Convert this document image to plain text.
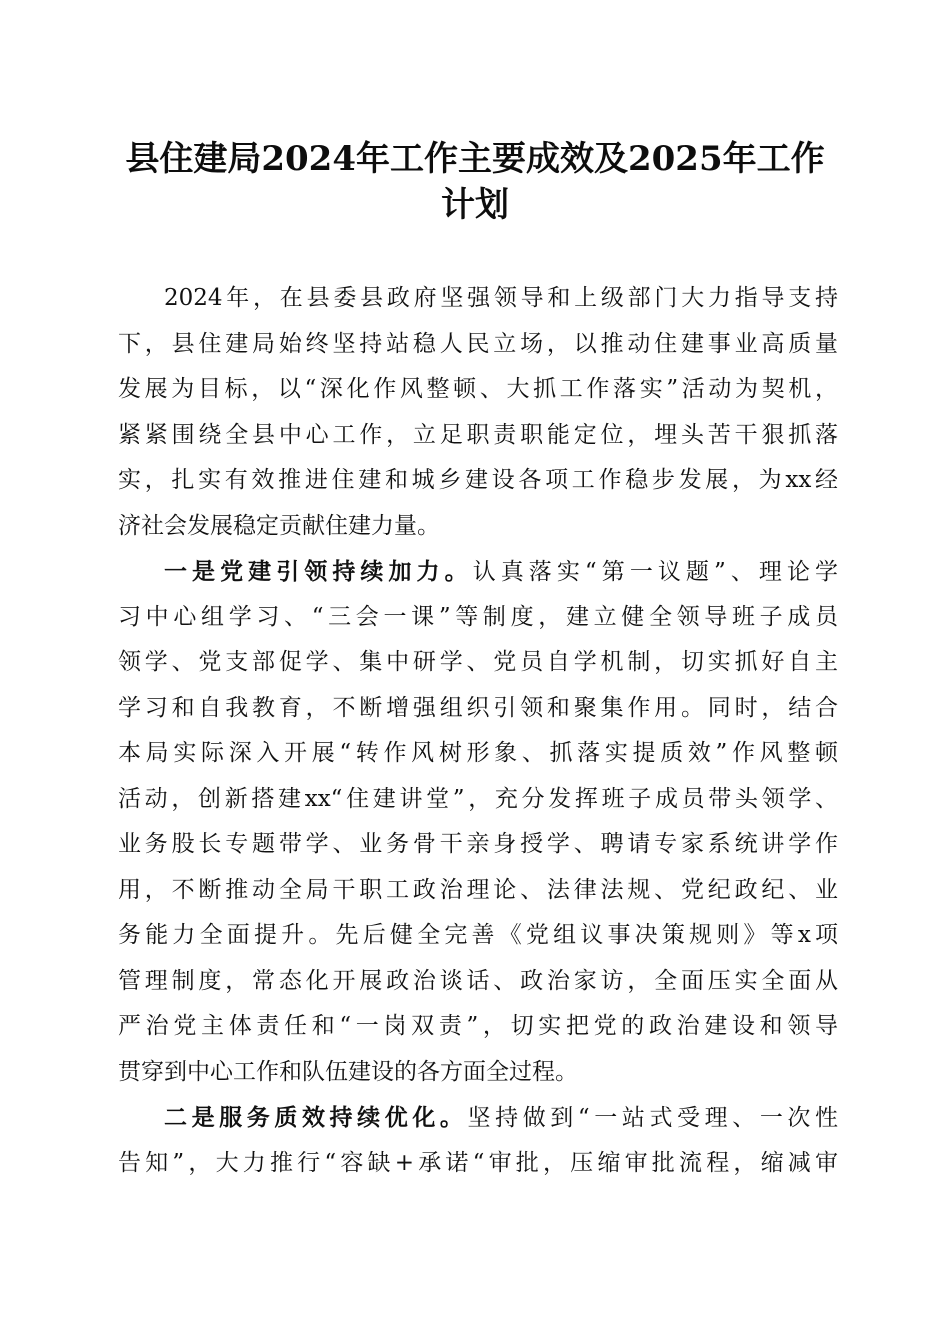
县住建局2024年工作主要成效及2025年工作
计划
2024年，在县委县政府坚强领导和上级部门大力指导支持
下，县住建局始终坚持站稳人民立场，以推动住建事业高质量
发展为目标，以“深化作风整顿、大抓工作落实”活动为契机，
紧紧围绕全县中心工作，立足职责职能定位，埋头苦干狠抓落
实，扎实有效推进住建和城乡建设各项工作稳步发展，为xx经
济社会发展稳定贡献住建力量。
一是党建引领持续加力。认真落实“第一议题”、理论学
习中心组学习、“三会一课”等制度，建立健全领导班子成员
领学、党支部促学、集中研学、党员自学机制，切实抓好自主
学习和自我教育，不断增强组织引领和聚集作用。同时，结合
本局实际深入开展“转作风树形象、抓落实提质效”作风整顿
活动，创新搭建xx“住建讲堂”，充分发挥班子成员带头领学、
业务股长专题带学、业务骨干亲身授学、聘请专家系统讲学作
用，不断推动全局干职工政治理论、法律法规、党纪政纪、业
务能力全面提升。先后健全完善《党组议事决策规则》等x项
管理制度，常态化开展政治谈话、政治家访，全面压实全面从
严治党主体责任和“一岗双责”，切实把党的政治建设和领导
贯穿到中心工作和队伍建设的各方面全过程。
二是服务质效持续优化。坚持做到“一站式受理、一次性
告知”，大力推行“容缺+承诺“审批，压缩审批流程，缩减审
